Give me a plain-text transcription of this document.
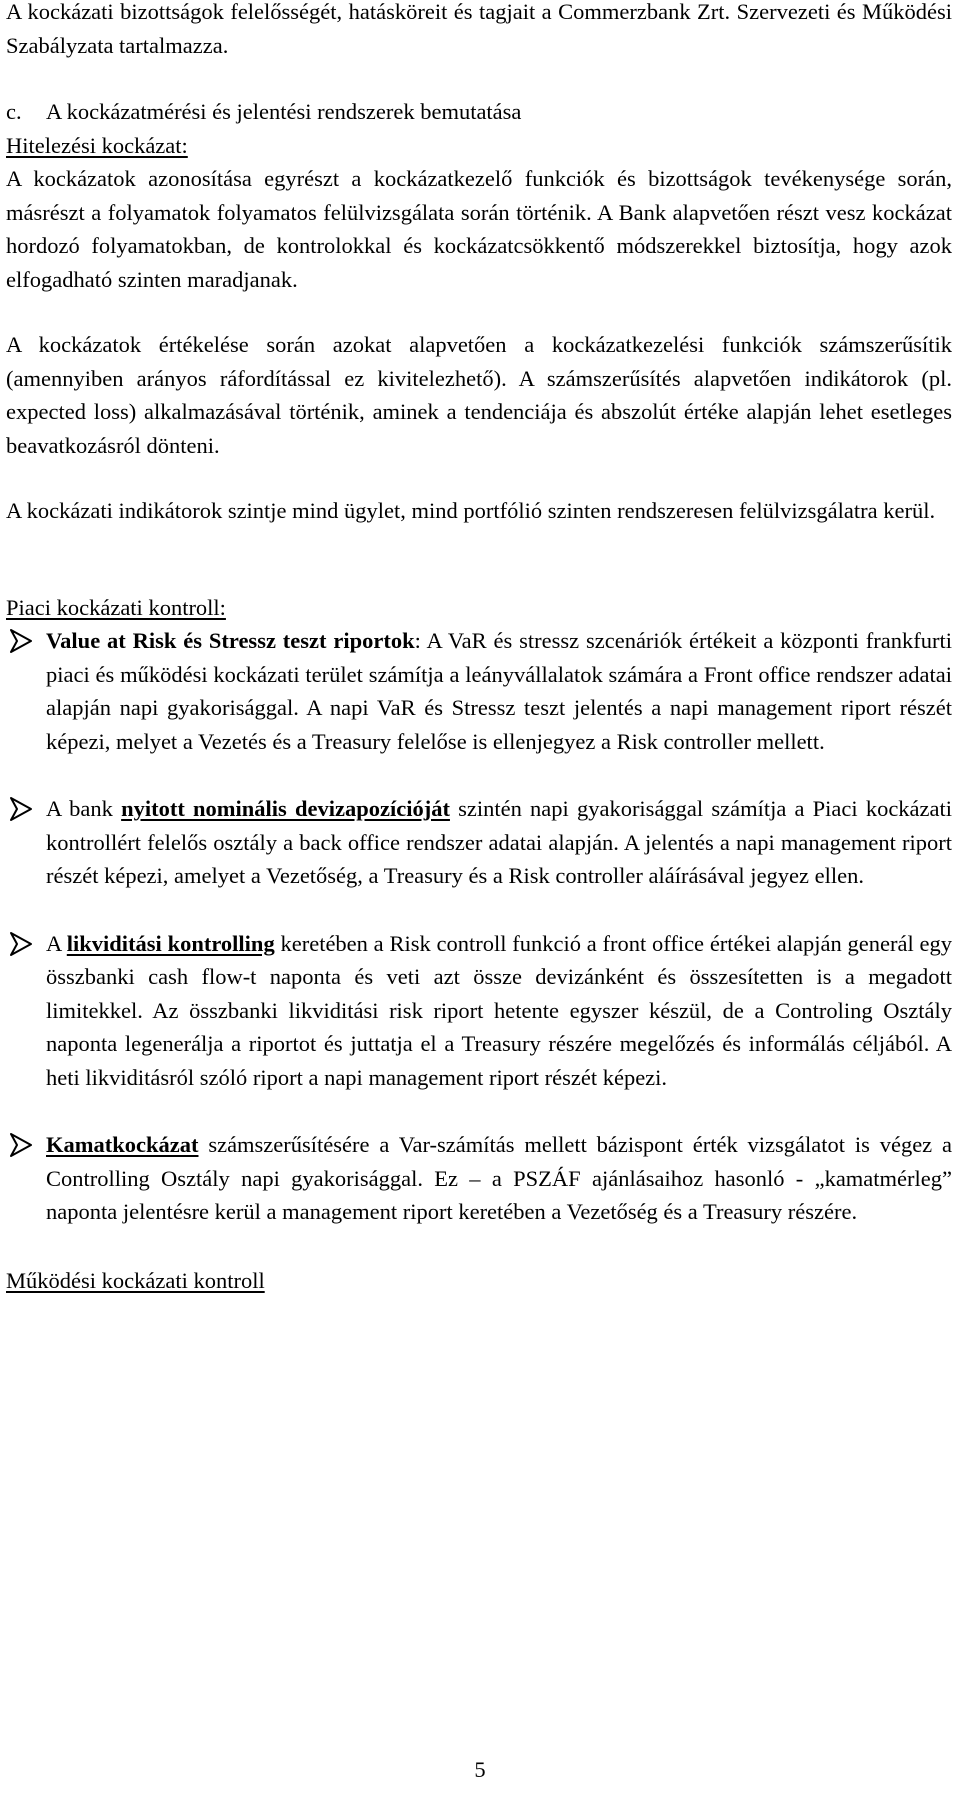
A kockázati bizottságok felelősségét, hatásköreit és tagjait a Commerzbank Zrt. Szervezeti és Működési Szabályzata tartalmazza.

c. A kockázatmérési és jelentési rendszerek bemutatása

Hitelezési kockázat:

A kockázatok azonosítása egyrészt a kockázatkezelő funkciók és bizottságok tevékenysége során, másrészt a folyamatok folyamatos felülvizsgálata során történik. A Bank alapvetően részt vesz kockázat hordozó folyamatokban, de kontrolokkal és kockázatcsökkentő módszerekkel biztosítja, hogy azok elfogadható szinten maradjanak.

A kockázatok értékelése során azokat alapvetően a kockázatkezelési funkciók számszerűsítik (amennyiben arányos ráfordítással ez kivitelezhető). A számszerűsítés alapvetően indikátorok (pl. expected loss) alkalmazásával történik, aminek a tendenciája és abszolút értéke alapján lehet esetleges beavatkozásról dönteni.

A kockázati indikátorok szintje mind ügylet, mind portfólió szinten rendszeresen felülvizsgálatra kerül.

Piaci kockázati kontroll:

Value at Risk és Stressz teszt riportok: A VaR és stressz szcenáriók értékeit a központi frankfurti piaci és működési kockázati terület számítja a leányvállalatok számára a Front office rendszer adatai alapján napi gyakorisággal. A napi VaR és Stressz teszt jelentés a napi management riport részét képezi, melyet a Vezetés és a Treasury felelőse is ellenjegyez a Risk controller mellett.

A bank nyitott nominális devizapozícióját szintén napi gyakorisággal számítja a Piaci kockázati kontrollért felelős osztály a back office rendszer adatai alapján. A jelentés a napi management riport részét képezi, amelyet a Vezetőség, a Treasury és a Risk controller aláírásával jegyez ellen.

A likviditási kontrolling keretében a Risk controll funkció a front office értékei alapján generál egy összbanki cash flow-t naponta és veti azt össze devizánként és összesítetten is a megadott limitekkel. Az összbanki likviditási risk riport hetente egyszer készül, de a Controling Osztály naponta legenerálja a riportot és juttatja el a Treasury részére megelőzés és informálás céljából. A heti likviditásról szóló riport a napi management riport részét képezi.

Kamatkockázat számszerűsítésére a Var-számítás mellett bázispont érték vizsgálatot is végez a Controlling Osztály napi gyakorisággal. Ez – a PSZÁF ajánlásaihoz hasonló - „kamatmérleg” naponta jelentésre kerül a management riport keretében a Vezetőség és a Treasury részére.

Működési kockázati kontroll

5
